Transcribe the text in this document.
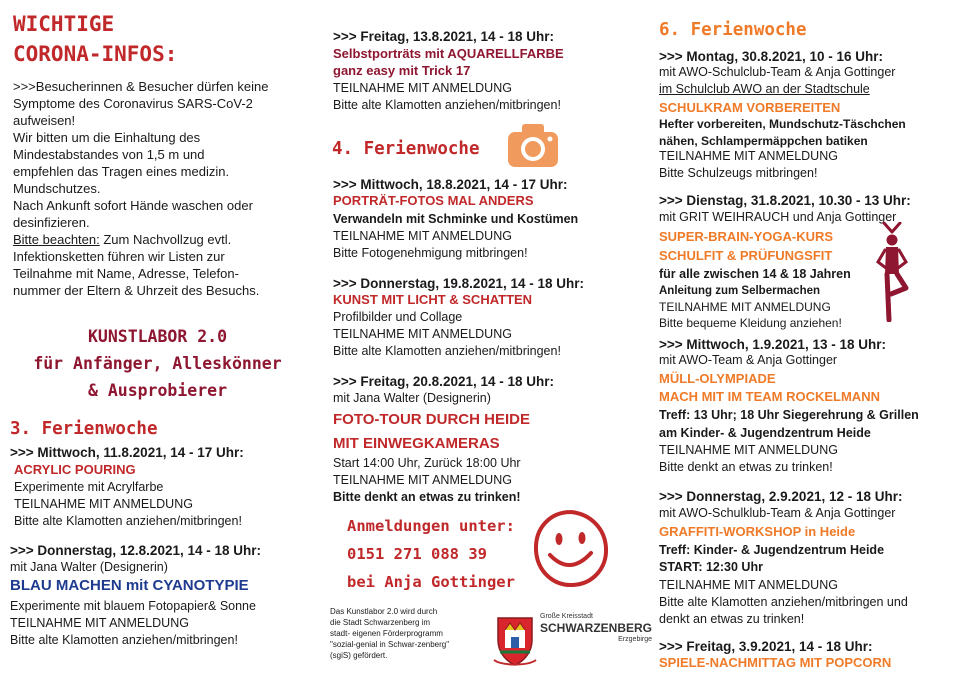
WICHTIGE
CORONA-INFOS:
>>>Besucherinnen & Besucher dürfen keine
Symptome des Coronavirus SARS-CoV-2
aufweisen!
Wir bitten um die Einhaltung des
Mindestabstandes von 1,5 m und
empfehlen das Tragen eines medizin.
Mundschutzes.
Nach Ankunft sofort Hände waschen oder
desinfizieren.
Bitte beachten: Zum Nachvollzug evtl.
Infektionsketten führen wir Listen zur
Teilnahme mit Name, Adresse, Telefon-
nummer der Eltern & Uhrzeit des Besuchs.
KUNSTLABOR 2.0
für Anfänger, Alleskönner
& Ausprobierer
3. Ferienwoche
>>> Mittwoch, 11.8.2021, 14 - 17 Uhr:
ACRYLIC POURING
Experimente mit Acrylfarbe
TEILNAHME MIT ANMELDUNG
Bitte alte Klamotten anziehen/mitbringen!
>>> Donnerstag, 12.8.2021, 14 - 18 Uhr:
mit Jana Walter (Designerin)
BLAU MACHEN mit CYANOTYPIE
Experimente mit blauem Fotopapier& Sonne
TEILNAHME MIT ANMELDUNG
Bitte alte Klamotten anziehen/mitbringen!
>>> Freitag, 13.8.2021, 14 - 18 Uhr:
Selbstporträts mit AQUARELLFARBE
ganz easy mit Trick 17
TEILNAHME MIT ANMELDUNG
Bitte alte Klamotten anziehen/mitbringen!
4. Ferienwoche
>>> Mittwoch, 18.8.2021, 14 - 17 Uhr:
PORTRÄT-FOTOS MAL ANDERS
Verwandeln mit Schminke und Kostümen
TEILNAHME MIT ANMELDUNG
Bitte Fotogenehmigung mitbringen!
>>> Donnerstag, 19.8.2021, 14 - 18 Uhr:
KUNST MIT LICHT & SCHATTEN
Profilbilder und Collage
TEILNAHME MIT ANMELDUNG
Bitte alte Klamotten anziehen/mitbringen!
>>> Freitag, 20.8.2021, 14 - 18 Uhr:
mit Jana Walter (Designerin)
FOTO-TOUR DURCH HEIDE
MIT EINWEGKAMERAS
Start 14:00 Uhr, Zurück 18:00 Uhr
TEILNAHME MIT ANMELDUNG
Bitte denkt an etwas zu trinken!
Anmeldungen unter:
0151 271 088 39
bei Anja Gottinger
Das Kunstlabor 2.0 wird durch
die Stadt Schwarzenberg im
stadt- eigenen Förderprogramm
"sozial-genial in Schwar-zenberg"
(sgiS) gefördert.
Große Kreisstadt
SCHWARZENBERG
Erzgebirge
6. Ferienwoche
>>> Montag, 30.8.2021, 10 - 16 Uhr:
mit AWO-Schulclub-Team & Anja Gottinger
im Schulclub AWO an der Stadtschule
SCHULKRAM VORBEREITEN
Hefter vorbereiten, Mundschutz-Täschchen
nähen, Schlampermäppchen batiken
TEILNAHME MIT ANMELDUNG
Bitte Schulzeugs mitbringen!
>>> Dienstag, 31.8.2021, 10.30 - 13 Uhr:
mit GRIT WEIHRAUCH und Anja Gottinger
SUPER-BRAIN-YOGA-KURS
SCHULFIT & PRÜFUNGSFIT
für alle zwischen 14 & 18 Jahren
Anleitung zum Selbermachen
TEILNAHME MIT ANMELDUNG
Bitte bequeme Kleidung anziehen!
>>> Mittwoch, 1.9.2021, 13 - 18 Uhr:
mit AWO-Team & Anja Gottinger
MÜLL-OLYMPIADE
MACH MIT IM TEAM ROCKELMANN
Treff: 13 Uhr; 18 Uhr Siegerehrung & Grillen
am Kinder- & Jugendzentrum Heide
TEILNAHME MIT ANMELDUNG
Bitte denkt an etwas zu trinken!
>>> Donnerstag, 2.9.2021, 12 - 18 Uhr:
mit AWO-Schulklub-Team & Anja Gottinger
GRAFFITI-WORKSHOP in Heide
Treff: Kinder- & Jugendzentrum Heide
START: 12:30 Uhr
TEILNAHME MIT ANMELDUNG
Bitte alte Klamotten anziehen/mitbringen und
denkt an etwas zu trinken!
>>> Freitag, 3.9.2021, 14 - 18 Uhr:
SPIELE-NACHMITTAG MIT POPCORN
